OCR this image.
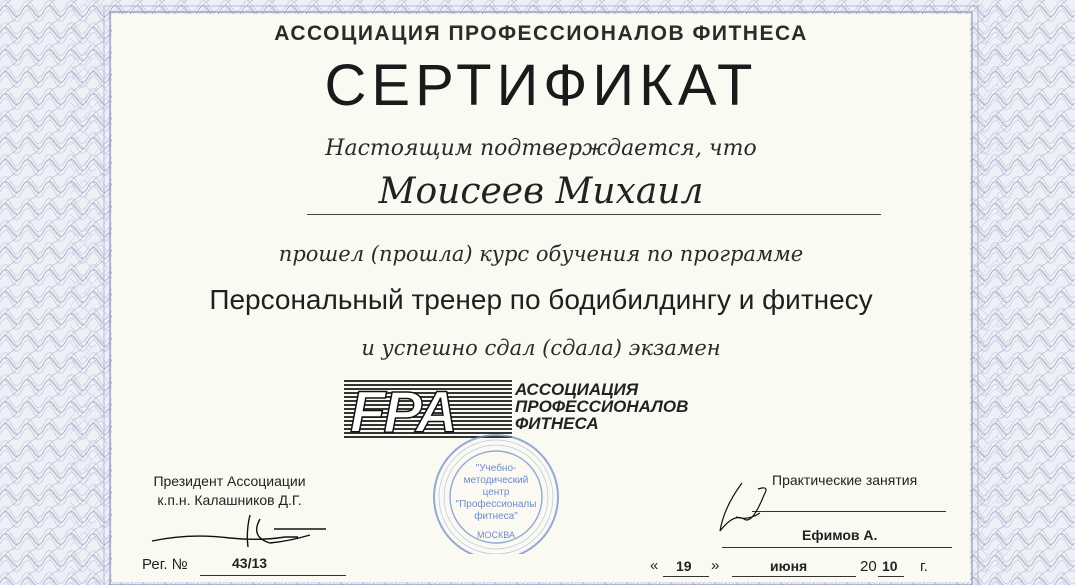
АССОЦИАЦИЯ ПРОФЕССИОНАЛОВ ФИТНЕСА
СЕРТИФИКАТ
Настоящим подтверждается, что
Моисеев Михаил
прошел (прошла) курс обучения по программе
Персональный тренер по бодибилдингу и фитнесу
и успешно сдал (сдала) экзамен
FPA	АССОЦИАЦИЯ
ПРОФЕССИОНАЛОВ
ФИТНЕСА
"Учебно-
методический
центр
"Профессионалы
фитнеса"
МОСКВА
Президент Ассоциации
к.п.н. Калашников Д.Г.
Практические занятия
Ефимов А.
Рег. №	43/13	« 19 »	июня	20 10 г.
